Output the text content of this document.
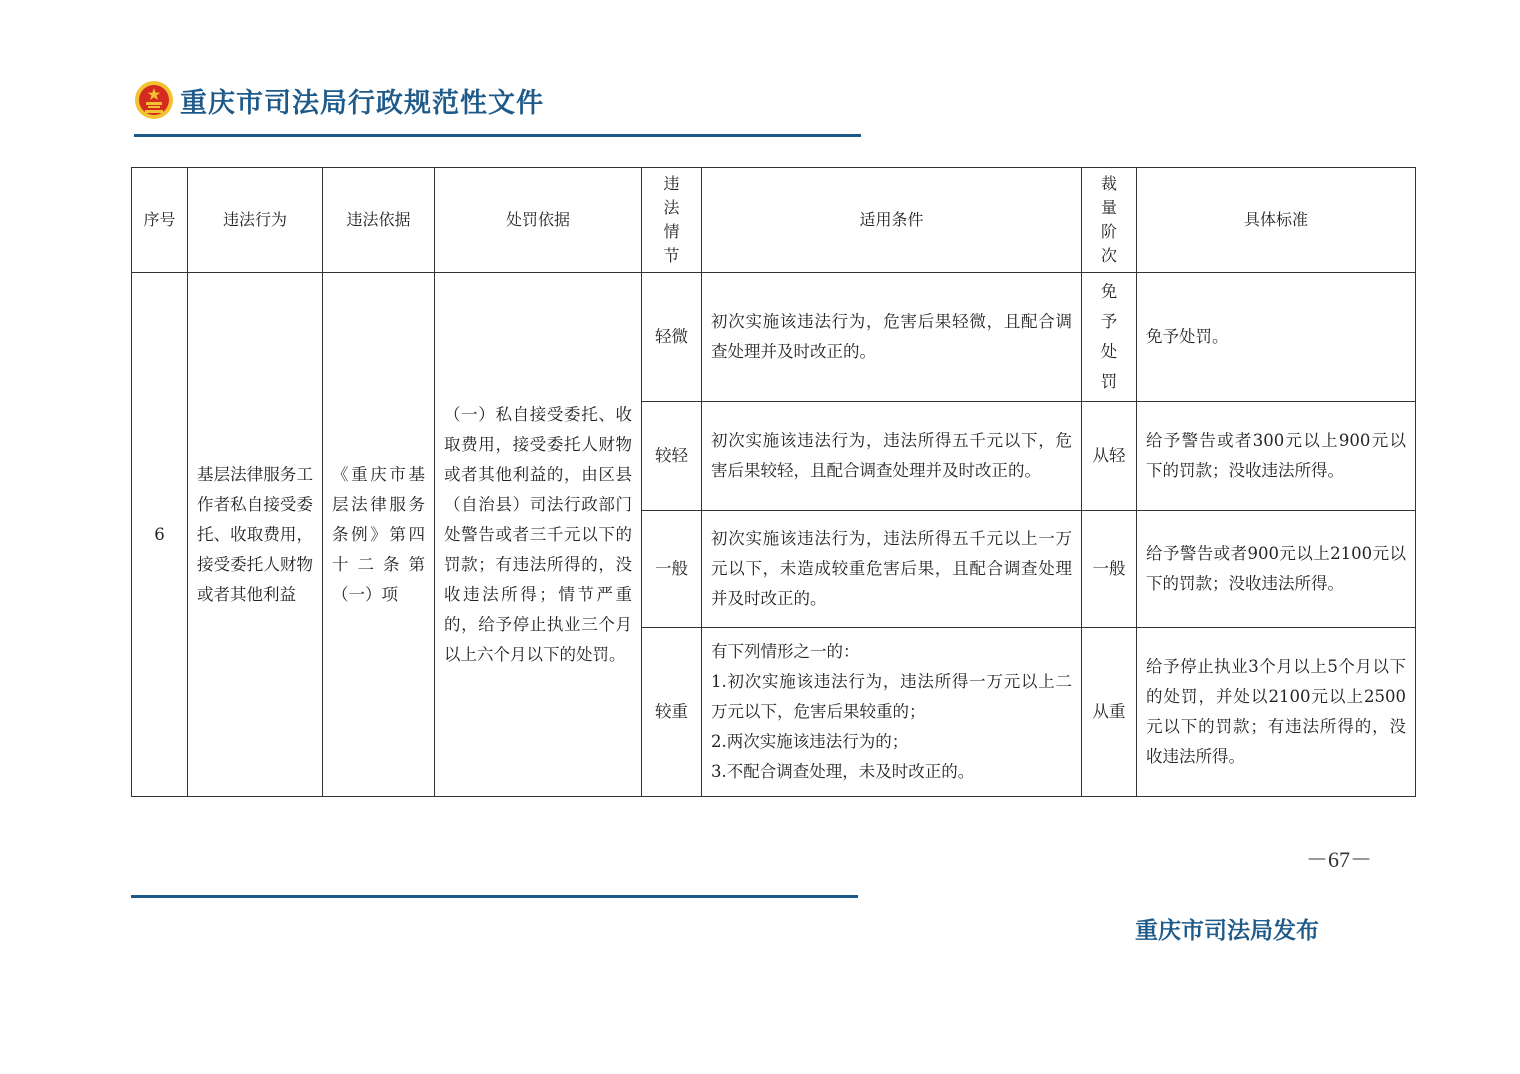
重庆市司法局行政规范性文件
序号	违法行为	违法依据	处罚依据	违法情节	适用条件	裁量阶次	具体标准
6	基层法律服务工作者私自接受委托、收取费用，接受委托人财物或者其他利益	《重庆市基层法律服务条例》第四十二条第（一）项	（一）私自接受委托、收取费用，接受委托人财物或者其他利益的，由区县（自治县）司法行政部门处警告或者三千元以下的罚款；有违法所得的，没收违法所得；情节严重的，给予停止执业三个月以上六个月以下的处罚。	轻微	初次实施该违法行为，危害后果轻微，且配合调查处理并及时改正的。	免予处罚	免予处罚。
				较轻	初次实施该违法行为，违法所得五千元以下，危害后果较轻，且配合调查处理并及时改正的。	从轻	给予警告或者300元以上900元以下的罚款；没收违法所得。
				一般	初次实施该违法行为，违法所得五千元以上一万元以下，未造成较重危害后果，且配合调查处理并及时改正的。	一般	给予警告或者900元以上2100元以下的罚款；没收违法所得。
				较重	有下列情形之一的：
1.初次实施该违法行为，违法所得一万元以上二万元以下，危害后果较重的；
2.两次实施该违法行为的；
3.不配合调查处理，未及时改正的。	从重	给予停止执业3个月以上5个月以下的处罚，并处以2100元以上2500元以下的罚款；有违法所得的，没收违法所得。
－67－
重庆市司法局发布
